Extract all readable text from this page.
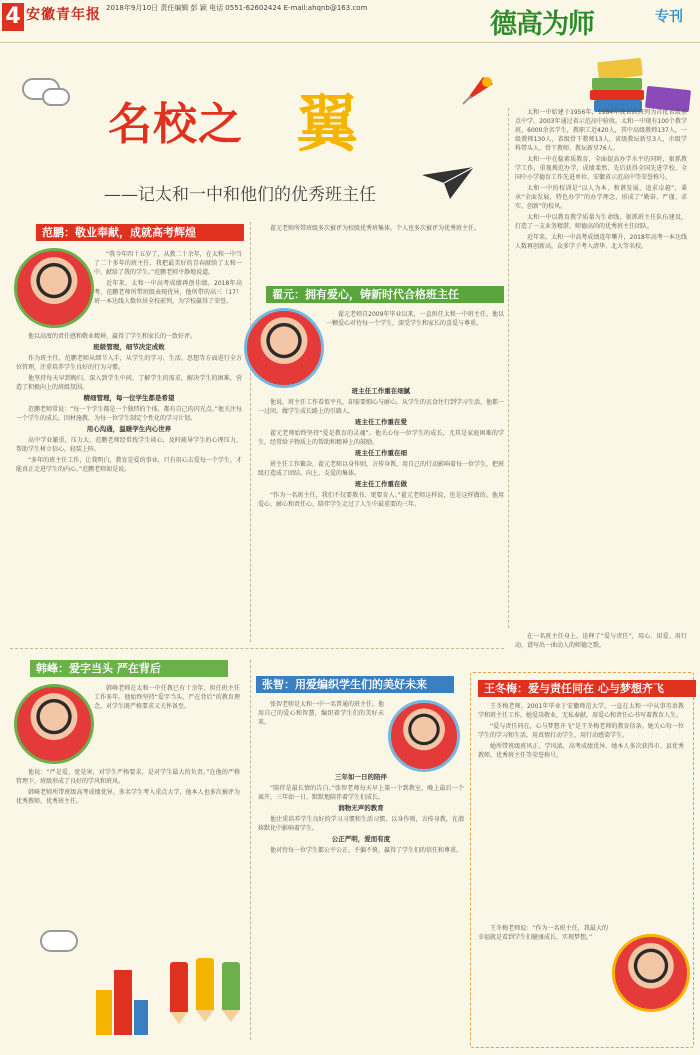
4 安徽青年报 2018年9月10日 责任编辑 彭 颖 电话 0551-62602424 E-mail:ahqnb@163.com
德高为师	专刊
名校之 翼
——记太和一中和他们的优秀班主任

太和一中始建于1956年，1984年被省政府列为首批省级重点中学，2003年通过省示范高中验收。太和一中现有100个教学班，6000余名学生，教职工近420人，其中高级教师137人，一级教师130人，省级骨干教师13人，省级教坛新星3人，市级学科带头人、骨干教师、教坛新星76人。

太和一中在稳素质教育，全面提高办学水平的同时，狠抓教学工作，重视规范办学，成绩斐然，先后获得全国先进学校、全国中小学德育工作先进单位、安徽省示范高中等荣誉称号。

太和一中的校训是“以人为本，和谐发展，追求卓越”，秉承“全面发展，特色办学”的办学理念，形成了“勤奋、严谨、求实、创新”的校风。

太和一中以教育教学质量为生命线，狠抓班主任队伍建设，打造了一支业务精湛、师德高尚的优秀班主任团队。

近年来，太和一中高考成绩连年攀升，2018年高考一本达线人数再创新高，众多学子考入清华、北大等名校。

范鹏：敬业奉献，成就高考辉煌

“我今年四十五岁了，从教二十余年，在太和一中当了二十多年的班主任，我把最美好的青春献给了太和一中，献给了我的学生。”范鹏老师平静地说道。

近年来，太和一中高考成绩再创佳绩。2018年高考，范鹏老师所带班级表现优异，他所带的高三（17）班一本达线人数位居全校前列，为学校赢得了荣誉。

他以高度的责任感和敬业精神，赢得了学生和家长的一致好评。

班级管理，细节决定成败

作为班主任，范鹏老师从细节入手，从学生的学习、生活、思想等方面进行全方位管理，注重培养学生良好的行为习惯。

他坚持每天早到晚归，深入到学生中间，了解学生的需求，解决学生的困难，营造了积极向上的班级氛围。

精细管理，每一位学生都是希望

范鹏老师常说：“每一个学生都是一个独特的个体，都有自己的闪光点。”他关注每一个学生的成长，因材施教，为每一位学生制定个性化的学习计划。

用心沟通，温暖学生内心世界

高中学业繁重，压力大，范鹏老师经常找学生谈心，及时疏导学生的心理压力，帮助学生树立信心，轻装上阵。

“多年的班主任工作，让我明白，教育是爱的事业，只有用心去爱每一个学生，才能真正走进学生的内心。”范鹏老师如是说。

翟元老师所带班级多次被评为校级优秀班集体，个人也多次被评为优秀班主任。

翟元：拥有爱心，铸新时代合格班主任

翟元老师自2009年毕业以来，一直担任太和一中班主任。他以一颗爱心对待每一个学生，深受学生和家长的喜爱与尊重。

班主任工作重在细腻

他说，班主任工作看似平凡，却需要细心与耐心。从学生的衣食住行到学习生活，他都一一过问，做学生成长路上的引路人。

班主任工作重在爱

翟元老师始终坚持“爱是教育的灵魂”。他关心每一位学生的成长，尤其是家庭困难的学生，经常给予物质上的帮助和精神上的鼓励。

班主任工作重在细

班主任工作繁杂，翟元老师以身作则，言传身教，用自己的行动影响着每一位学生，把班级打造成了团结、向上、友爱的集体。

班主任工作重在做

“作为一名班主任，我们不仅要教书，更要育人。”翟元老师这样说，也是这样做的。他用爱心、耐心和责任心，陪伴学生走过了人生中最重要的三年。

在一名班主任身上，诠释了“爱与责任”，用心、用爱、用行动，谱写出一曲动人的师德之歌。

韩峰：爱字当头 严在背后

韩峰老师在太和一中任教已有十余年，担任班主任工作多年。他始终坚持“爱字当头，严在背后”的教育理念，对学生既严格要求又关怀备至。

他说：“严是爱，宽是害，对学生严格要求，是对学生最大的负责。”在他的严格管理下，班级形成了良好的学风和班风。

韩峰老师所带班级高考成绩优异，多名学生考入重点大学，他本人也多次被评为优秀教师、优秀班主任。

张智：用爱编织学生们的美好未来

张智老师是太和一中一名普通的班主任，他用自己的爱心和智慧，编织着学生们的美好未来。

三年如一日的陪伴

“陪伴是最长情的告白。”张智老师每天早上第一个到教室，晚上最后一个离开，三年如一日，默默地陪伴着学生们成长。

润物无声的教育

他注重培养学生良好的学习习惯和生活习惯，以身作则，言传身教，在潜移默化中影响着学生。

公正严明，爱而有度

他对待每一位学生都公平公正，不偏不倚，赢得了学生们的信任和尊重。

王冬梅：爱与责任同在 心与梦想齐飞

王冬梅老师，2001年毕业于安徽师范大学，一直在太和一中从事英语教学和班主任工作。她爱岗敬业，无私奉献，用爱心和责任心书写着教育人生。

“爱与责任同在，心与梦想齐飞”是王冬梅老师的教育信条。她关心每一位学生的学习和生活，用真情打动学生，用行动感染学生。

她所带班级班风正、学风浓，高考成绩优异。她本人多次获得市、县优秀教师、优秀班主任等荣誉称号。

王冬梅老师说：“作为一名班主任，我最大的幸福就是看到学生们健康成长、实现梦想。”
